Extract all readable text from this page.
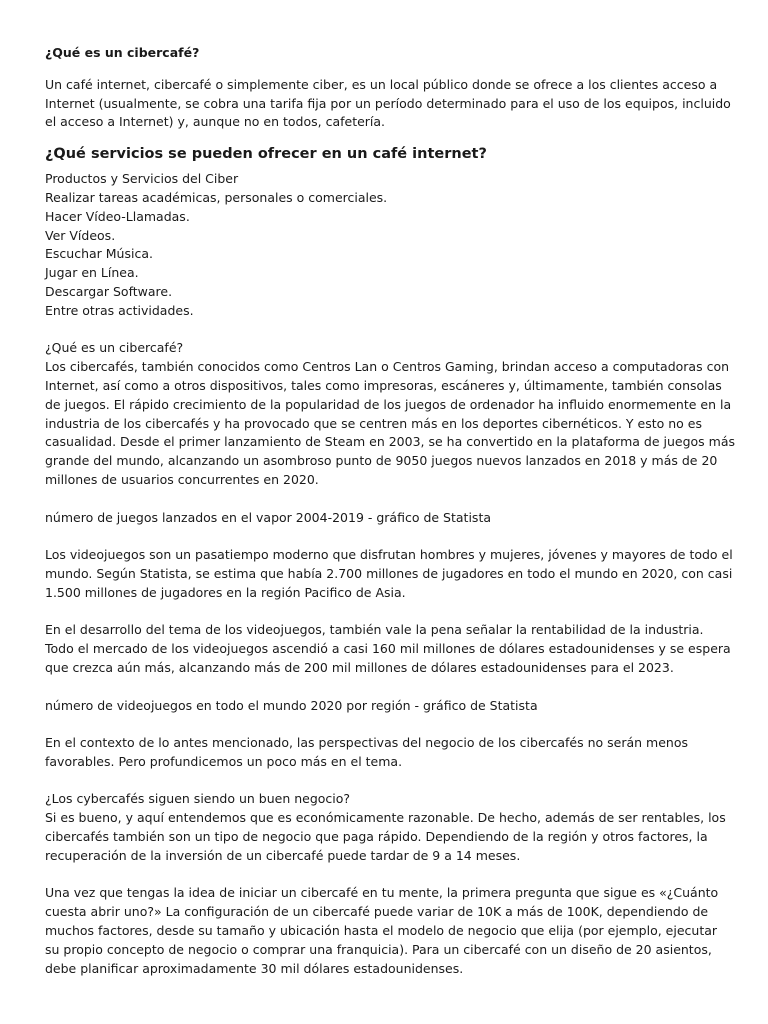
¿Qué es un cibercafé?

Un café internet, cibercafé o simplemente ciber, es un local público donde se ofrece a los clientes acceso a Internet (usualmente, se cobra una tarifa fija por un período determinado para el uso de los equipos, incluido el acceso a Internet) y, aunque no en todos, cafetería.

¿Qué servicios se pueden ofrecer en un café internet?
Productos y Servicios del Ciber
Realizar tareas académicas, personales o comerciales.
Hacer Vídeo-Llamadas.
Ver Vídeos.
Escuchar Música.
Jugar en Línea.
Descargar Software.
Entre otras actividades.

¿Qué es un cibercafé?
Los cibercafés, también conocidos como Centros Lan o Centros Gaming, brindan acceso a computadoras con Internet, así como a otros dispositivos, tales como impresoras, escáneres y, últimamente, también consolas de juegos. El rápido crecimiento de la popularidad de los juegos de ordenador ha influido enormemente en la industria de los cibercafés y ha provocado que se centren más en los deportes cibernéticos. Y esto no es casualidad. Desde el primer lanzamiento de Steam en 2003, se ha convertido en la plataforma de juegos más grande del mundo, alcanzando un asombroso punto de 9050 juegos nuevos lanzados en 2018 y más de 20 millones de usuarios concurrentes en 2020.

número de juegos lanzados en el vapor 2004-2019 - gráfico de Statista

Los videojuegos son un pasatiempo moderno que disfrutan hombres y mujeres, jóvenes y mayores de todo el mundo. Según Statista, se estima que había 2.700 millones de jugadores en todo el mundo en 2020, con casi 1.500 millones de jugadores en la región Pacifico de Asia.

En el desarrollo del tema de los videojuegos, también vale la pena señalar la rentabilidad de la industria. Todo el mercado de los videojuegos ascendió a casi 160 mil millones de dólares estadounidenses y se espera que crezca aún más, alcanzando más de 200 mil millones de dólares estadounidenses para el 2023.

número de videojuegos en todo el mundo 2020 por región - gráfico de Statista

En el contexto de lo antes mencionado, las perspectivas del negocio de los cibercafés no serán menos favorables. Pero profundicemos un poco más en el tema.

¿Los cybercafés siguen siendo un buen negocio?
Si es bueno, y aquí entendemos que es económicamente razonable. De hecho, además de ser rentables, los cibercafés también son un tipo de negocio que paga rápido. Dependiendo de la región y otros factores, la recuperación de la inversión de un cibercafé puede tardar de 9 a 14 meses.

Una vez que tengas la idea de iniciar un cibercafé en tu mente, la primera pregunta que sigue es «¿Cuánto cuesta abrir uno?» La configuración de un cibercafé puede variar de 10K a más de 100K, dependiendo de muchos factores, desde su tamaño y ubicación hasta el modelo de negocio que elija (por ejemplo, ejecutar su propio concepto de negocio o comprar una franquicia). Para un cibercafé con un diseño de 20 asientos, debe planificar aproximadamente 30 mil dólares estadounidenses.
